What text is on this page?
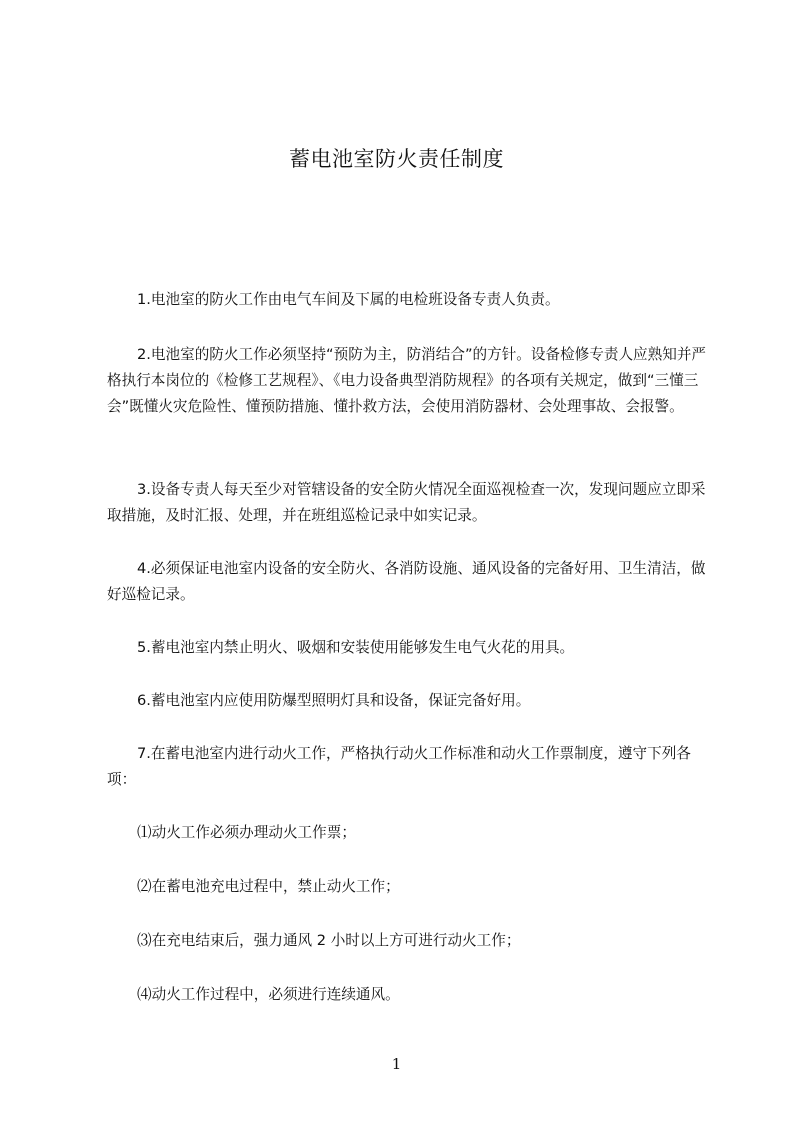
蓄电池室防火责任制度
1.电池室的防火工作由电气车间及下属的电检班设备专责人负责。
2.电池室的防火工作必须坚持“预防为主，防消结合”的方针。设备检修专责人应熟知并严格执行本岗位的《检修工艺规程》、《电力设备典型消防规程》的各项有关规定，做到“三懂三会”既懂火灾危险性、懂预防措施、懂扑救方法，会使用消防器材、会处理事故、会报警。
3.设备专责人每天至少对管辖设备的安全防火情况全面巡视检查一次，发现问题应立即采取措施，及时汇报、处理，并在班组巡检记录中如实记录。
4.必须保证电池室内设备的安全防火、各消防设施、通风设备的完备好用、卫生清洁，做好巡检记录。
5.蓄电池室内禁止明火、吸烟和安装使用能够发生电气火花的用具。
6.蓄电池室内应使用防爆型照明灯具和设备，保证完备好用。
7.在蓄电池室内进行动火工作，严格执行动火工作标准和动火工作票制度，遵守下列各项：
⑴动火工作必须办理动火工作票；
⑵在蓄电池充电过程中，禁止动火工作；
⑶在充电结束后，强力通风 2 小时以上方可进行动火工作；
⑷动火工作过程中，必须进行连续通风。
1
